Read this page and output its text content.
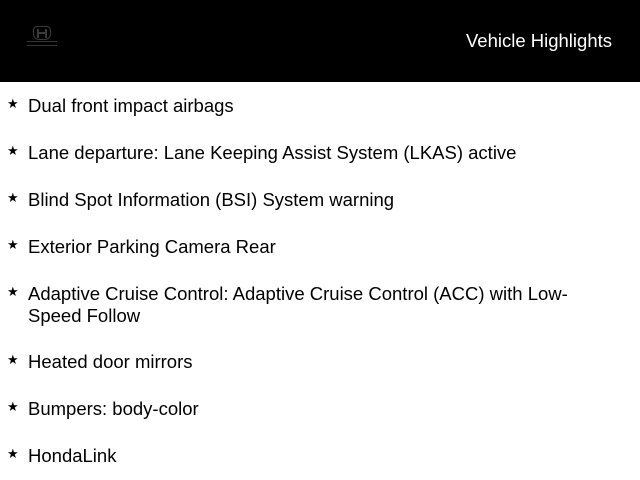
Vehicle Highlights
★ Dual front impact airbags
★ Lane departure: Lane Keeping Assist System (LKAS) active
★ Blind Spot Information (BSI) System warning
★ Exterior Parking Camera Rear
★ Adaptive Cruise Control: Adaptive Cruise Control (ACC) with Low-Speed Follow
★ Heated door mirrors
★ Bumpers: body-color
★ HondaLink
